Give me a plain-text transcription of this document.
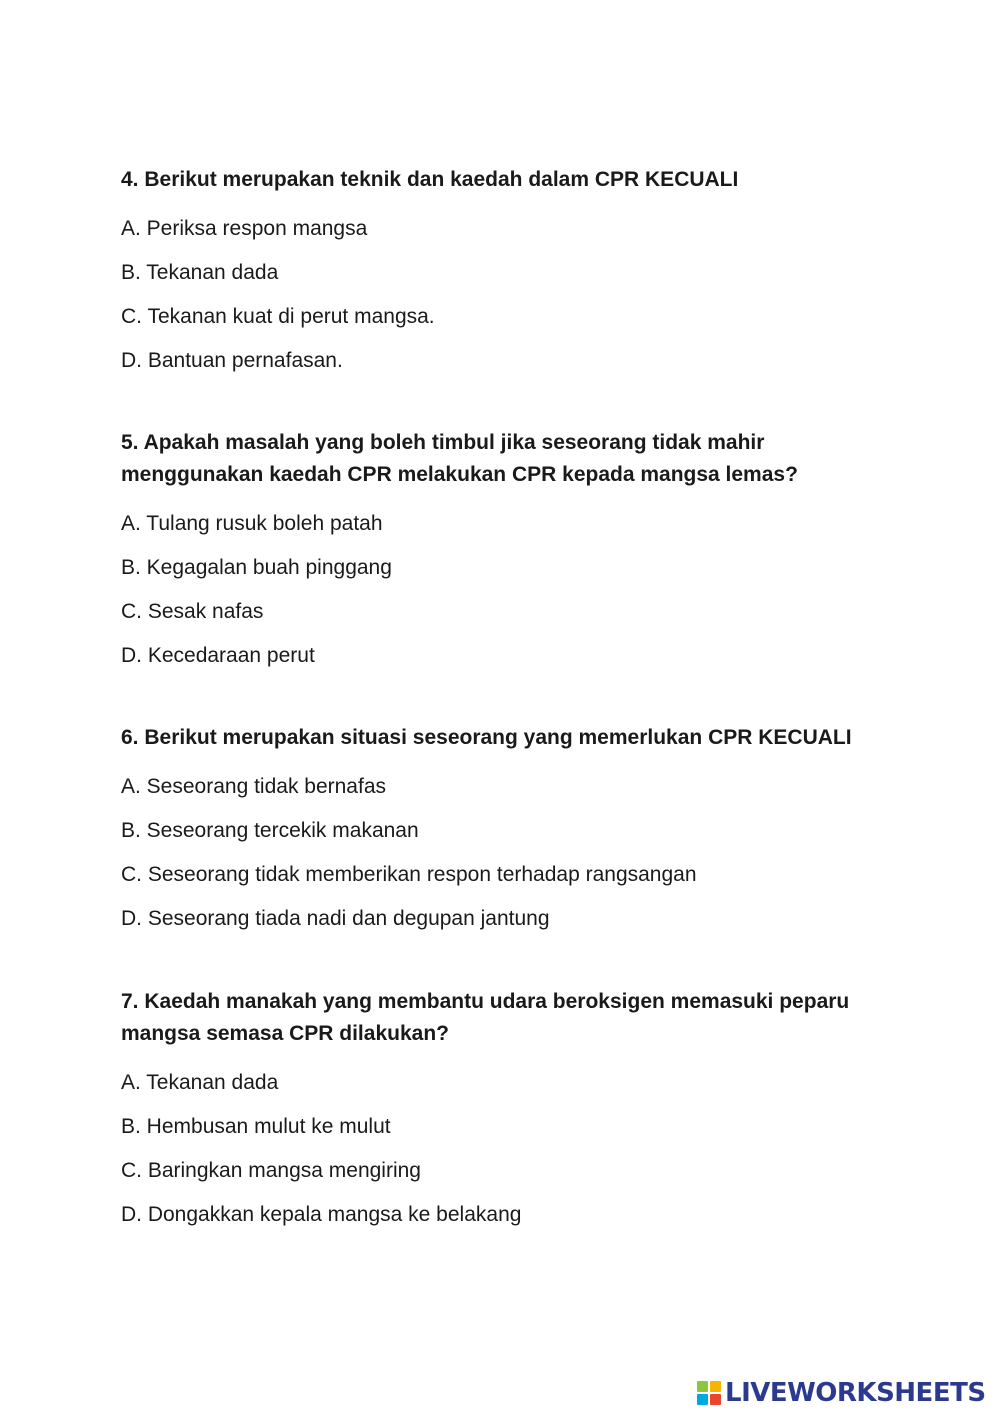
4. Berikut merupakan teknik dan kaedah dalam CPR KECUALI

A. Periksa respon mangsa
B. Tekanan dada
C. Tekanan kuat di perut mangsa.
D. Bantuan pernafasan.

5. Apakah masalah yang boleh timbul jika seseorang tidak mahir menggunakan kaedah CPR melakukan CPR kepada mangsa lemas?

A. Tulang rusuk boleh patah
B. Kegagalan buah pinggang
C. Sesak nafas
D. Kecedaraan perut

6. Berikut merupakan situasi seseorang yang memerlukan CPR KECUALI

A. Seseorang tidak bernafas
B. Seseorang tercekik makanan
C. Seseorang tidak memberikan respon terhadap rangsangan
D. Seseorang tiada nadi dan degupan jantung

7. Kaedah manakah yang membantu udara beroksigen memasuki peparu mangsa semasa CPR dilakukan?

A. Tekanan dada
B. Hembusan mulut ke mulut
C. Baringkan mangsa mengiring
D. Dongakkan kepala mangsa ke belakang
LIVEWORKSHEETS
